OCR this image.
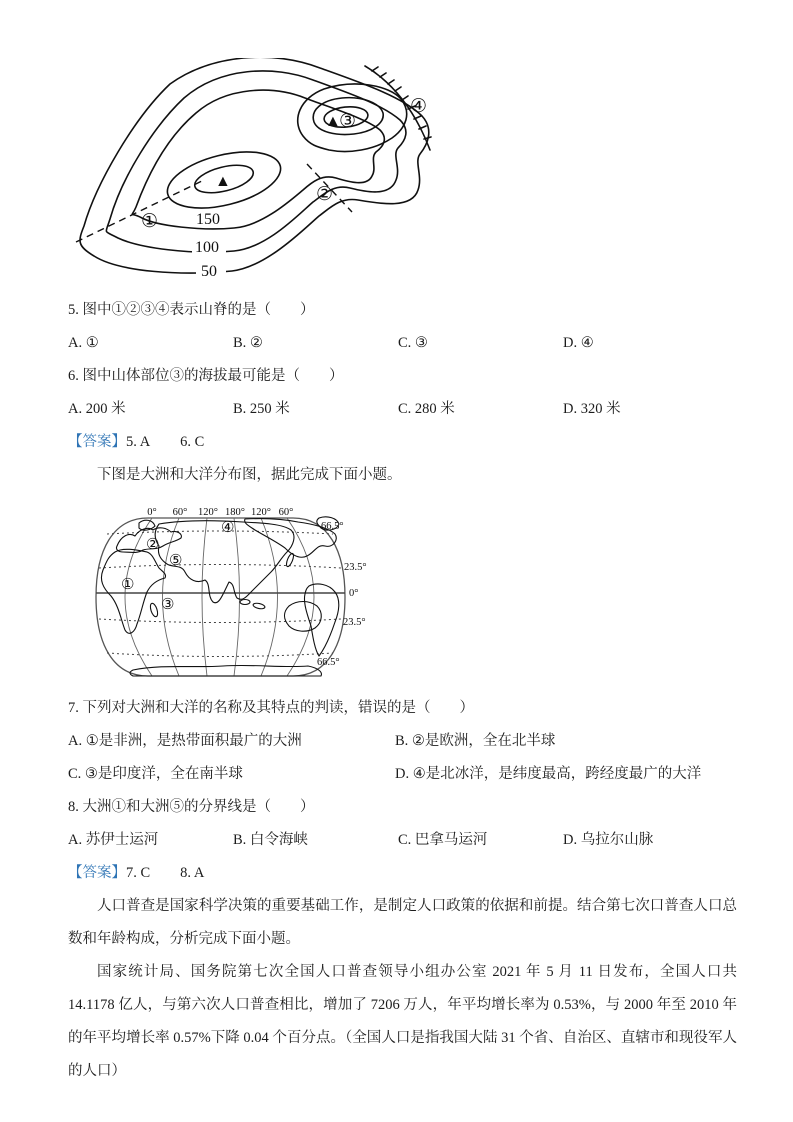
▲
▲
①
②
③
④
150
100
50
5. 图中①②③④表示山脊的是（　　）
A. ①	B. ②	C. ③	D. ④
6. 图中山体部位③的海拔最可能是（　　）
A. 200 米	B. 250 米	C. 280 米	D. 320 米
【答案】 5. A 6. C
下图是大洲和大洋分布图，据此完成下面小题。
①
②
③
④
⑤
0° 60° 120° 180° 120° 60°
66.5°
23.5°
0°
23.5°
66.5°
7. 下列对大洲和大洋的名称及其特点的判读，错误的是（　　）
A. ①是非洲，是热带面积最广的大洲	B. ②是欧洲，全在北半球
C. ③是印度洋，全在南半球	D. ④是北冰洋，是纬度最高，跨经度最广的大洋
8. 大洲①和大洲⑤的分界线是（　　）
A. 苏伊士运河	B. 白令海峡	C. 巴拿马运河	D. 乌拉尔山脉
【答案】 7. C 8. A
人口普查是国家科学决策的重要基础工作，是制定人口政策的依据和前提。结合第七次口普查人口总数和年龄构成，分析完成下面小题。
国家统计局、国务院第七次全国人口普查领导小组办公室 2021 年 5 月 11 日发布，全国人口共 14.1178 亿人，与第六次人口普查相比，增加了 7206 万人，年平均增长率为 0.53%，与 2000 年至 2010 年的年平均增长率 0.57%下降 0.04 个百分点。（全国人口是指我国大陆 31 个省、自治区、直辖市和现役军人的人口）
